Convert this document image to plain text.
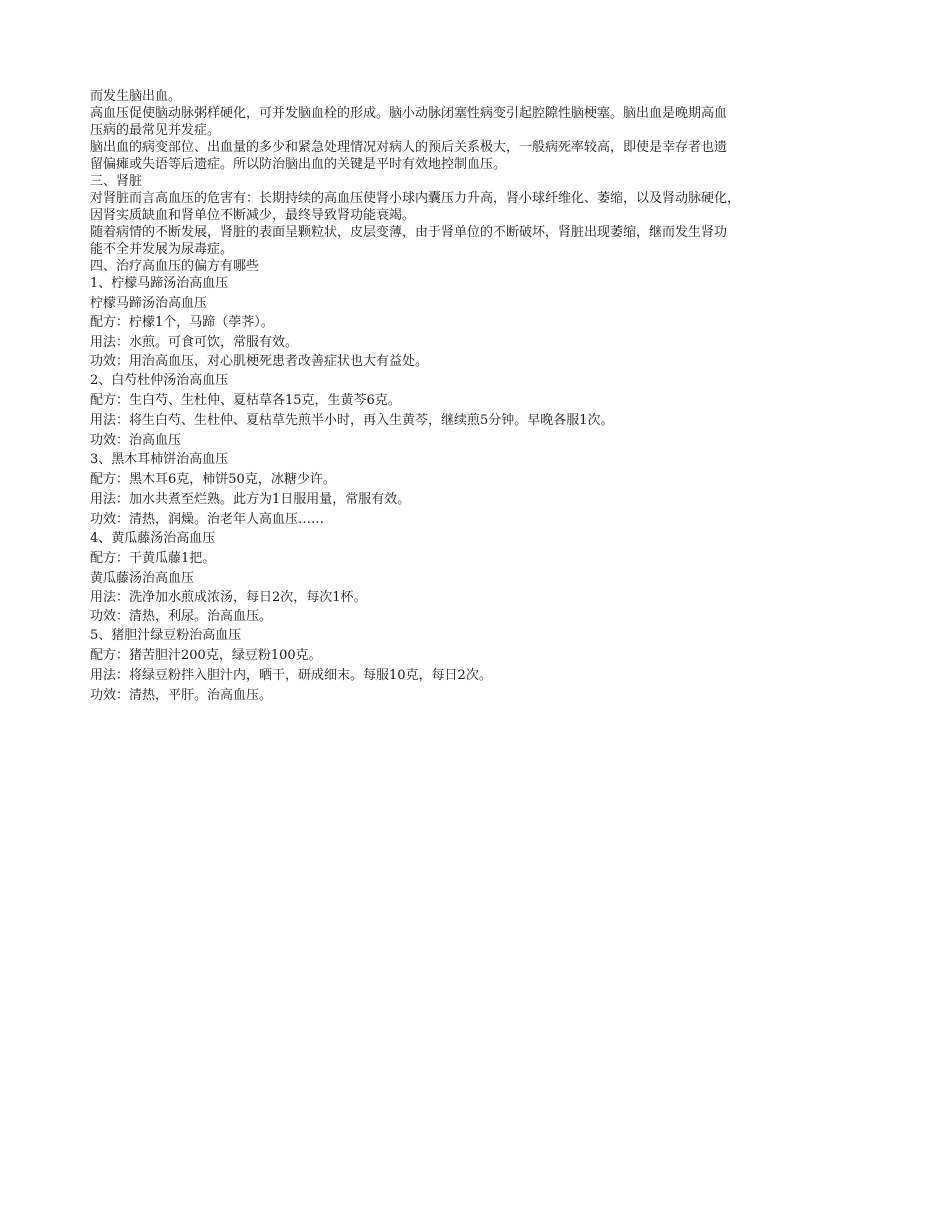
而发生脑出血。
高血压促使脑动脉粥样硬化，可并发脑血栓的形成。脑小动脉闭塞性病变引起腔隙性脑梗塞。脑出血是晚期高血
压病的最常见并发症。
脑出血的病变部位、出血量的多少和紧急处理情况对病人的预后关系极大，一般病死率较高，即使是幸存者也遗
留偏瘫或失语等后遗症。所以防治脑出血的关键是平时有效地控制血压。
三、肾脏
对肾脏而言高血压的危害有：长期持续的高血压使肾小球内囊压力升高，肾小球纤维化、萎缩，以及肾动脉硬化，
因肾实质缺血和肾单位不断减少，最终导致肾功能衰竭。
随着病情的不断发展，肾脏的表面呈颗粒状，皮层变薄，由于肾单位的不断破坏，肾脏出现萎缩，继而发生肾功
能不全并发展为尿毒症。
四、治疗高血压的偏方有哪些
1、柠檬马蹄汤治高血压
柠檬马蹄汤治高血压
配方：柠檬1个，马蹄（荸荠）。
用法：水煎。可食可饮，常服有效。
功效：用治高血压，对心肌梗死患者改善症状也大有益处。
2、白芍杜仲汤治高血压
配方：生白芍、生杜仲、夏枯草各15克，生黄芩6克。
用法：将生白芍、生杜仲、夏枯草先煎半小时，再入生黄芩，继续煎5分钟。早晚各服1次。
功效：治高血压
3、黑木耳柿饼治高血压
配方：黑木耳6克，柿饼50克，冰糖少许。
用法：加水共煮至烂熟。此方为1日服用量，常服有效。
功效：清热，润燥。治老年人高血压……
4、黄瓜藤汤治高血压
配方：干黄瓜藤1把。
黄瓜藤汤治高血压
用法：洗净加水煎成浓汤，每日2次，每次1杯。
功效：清热，利尿。治高血压。
5、猪胆汁绿豆粉治高血压
配方：猪苦胆汁200克，绿豆粉100克。
用法：将绿豆粉拌入胆汁内，晒干，研成细末。每服10克，每日2次。
功效：清热，平肝。治高血压。
